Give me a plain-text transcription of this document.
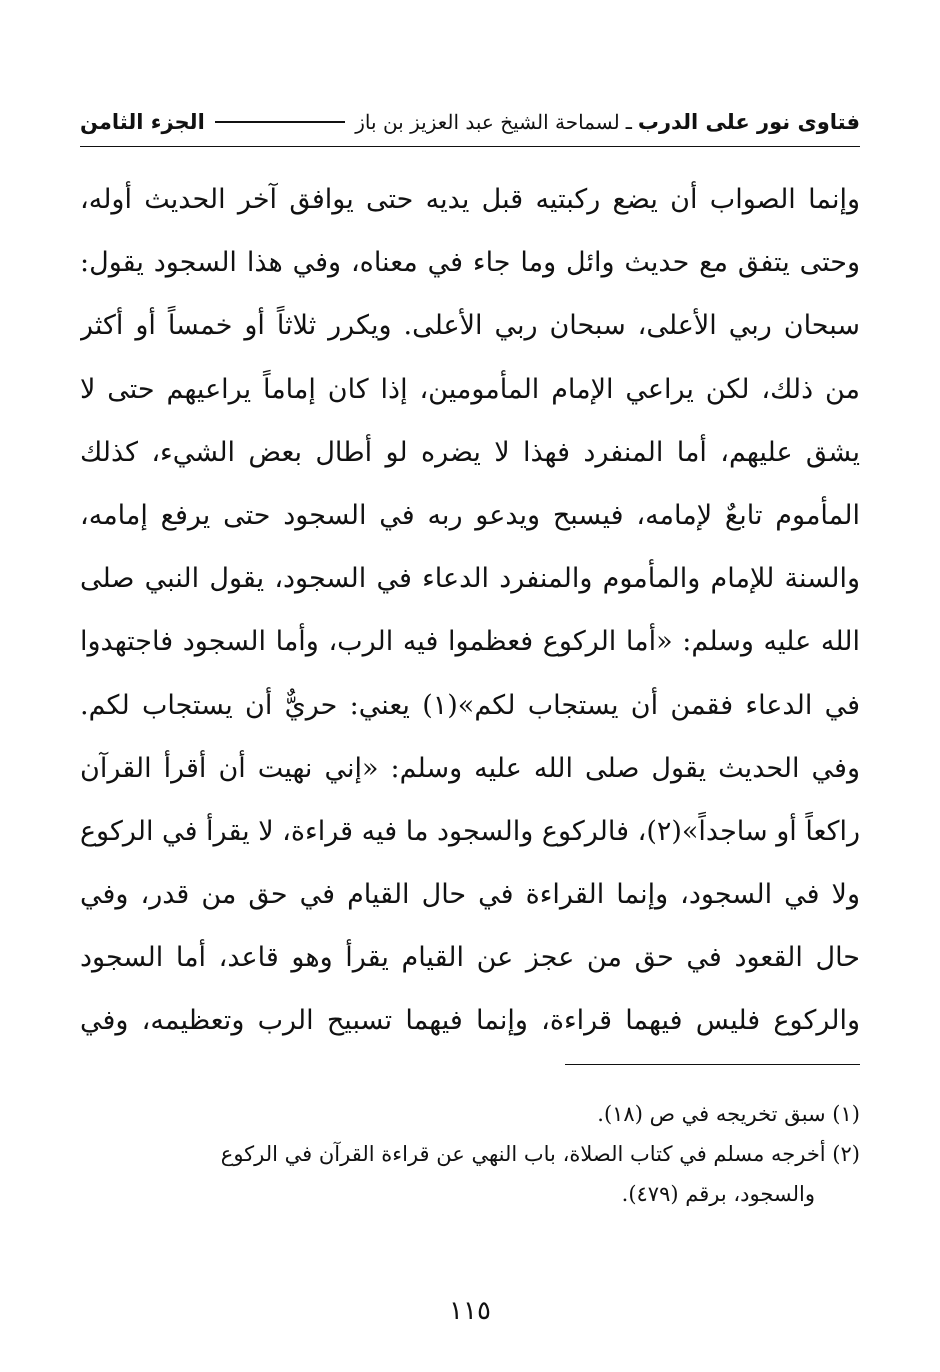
فتاوى نور على الدرب
ـ
لسماحة الشيخ عبد العزيز بن باز
الجزء الثامن
وإنما الصواب أن يضع ركبتيه قبل يديه حتى يوافق آخر الحديث أوله،
وحتى يتفق مع حديث وائل وما جاء في معناه، وفي هذا السجود يقول:
سبحان ربي الأعلى، سبحان ربي الأعلى. ويكرر ثلاثاً أو خمساً أو أكثر
من ذلك، لكن يراعي الإمام المأمومين، إذا كان إماماً يراعيهم حتى لا
يشق عليهم، أما المنفرد فهذا لا يضره لو أطال بعض الشيء، كذلك
المأموم تابعٌ لإمامه، فيسبح ويدعو ربه في السجود حتى يرفع إمامه،
والسنة للإمام والمأموم والمنفرد الدعاء في السجود، يقول النبي صلى
الله عليه وسلم: «أما الركوع فعظموا فيه الرب، وأما السجود فاجتهدوا
في الدعاء فقمن أن يستجاب لكم»(١) يعني: حريٌّ أن يستجاب لكم.
وفي الحديث يقول صلى الله عليه وسلم: «إني نهيت أن أقرأ القرآن
راكعاً أو ساجداً»(٢)، فالركوع والسجود ما فيه قراءة، لا يقرأ في الركوع
ولا في السجود، وإنما القراءة في حال القيام في حق من قدر، وفي
حال القعود في حق من عجز عن القيام يقرأ وهو قاعد، أما السجود
والركوع فليس فيهما قراءة، وإنما فيهما تسبيح الرب وتعظيمه، وفي
(١) سبق تخريجه في ص (١٨).
(٢) أخرجه مسلم في كتاب الصلاة، باب النهي عن قراءة القرآن في الركوع
والسجود، برقم (٤٧٩).
١١٥
